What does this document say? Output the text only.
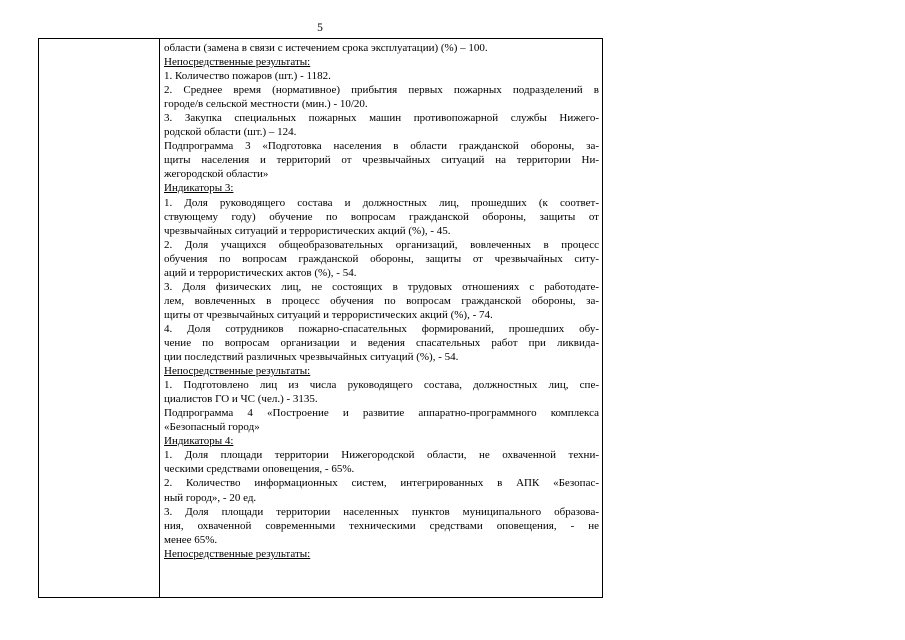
5
области (замена в связи с истечением срока эксплуатации) (%) – 100.
Непосредственные результаты:
1. Количество пожаров (шт.) - 1182.
2. Среднее время (нормативное) прибытия первых пожарных подразделений в
городе/в сельской местности (мин.) - 10/20.
3. Закупка специальных пожарных машин противопожарной службы Нижего-
родской области (шт.) – 124.
Подпрограмма 3 «Подготовка населения в области гражданской обороны, за-
щиты населения и территорий от чрезвычайных ситуаций на территории Ни-
жегородской области»
Индикаторы 3:
1. Доля руководящего состава и должностных лиц, прошедших (к соответ-
ствующему году) обучение по вопросам гражданской обороны, защиты от
чрезвычайных ситуаций и террористических акций (%), - 45.
2. Доля учащихся общеобразовательных организаций, вовлеченных в процесс
обучения по вопросам гражданской обороны, защиты от чрезвычайных ситу-
аций и террористических актов (%), - 54.
3. Доля физических лиц, не состоящих в трудовых отношениях с работодате-
лем, вовлеченных в процесс обучения по вопросам гражданской обороны, за-
щиты от чрезвычайных ситуаций и террористических акций (%), - 74.
4. Доля сотрудников пожарно-спасательных формирований, прошедших обу-
чение по вопросам организации и ведения спасательных работ при ликвида-
ции последствий различных чрезвычайных ситуаций (%), - 54.
Непосредственные результаты:
1. Подготовлено лиц из числа руководящего состава, должностных лиц, спе-
циалистов ГО и ЧС (чел.) - 3135.
Подпрограмма 4 «Построение и развитие аппаратно-программного комплекса
«Безопасный город»
Индикаторы 4:
1. Доля площади территории Нижегородской области, не охваченной техни-
ческими средствами оповещения, - 65%.
2. Количество информационных систем, интегрированных в АПК «Безопас-
ный город», - 20 ед.
3. Доля площади территории населенных пунктов муниципального образова-
ния, охваченной современными техническими средствами оповещения, - не
менее 65%.
Непосредственные результаты:
